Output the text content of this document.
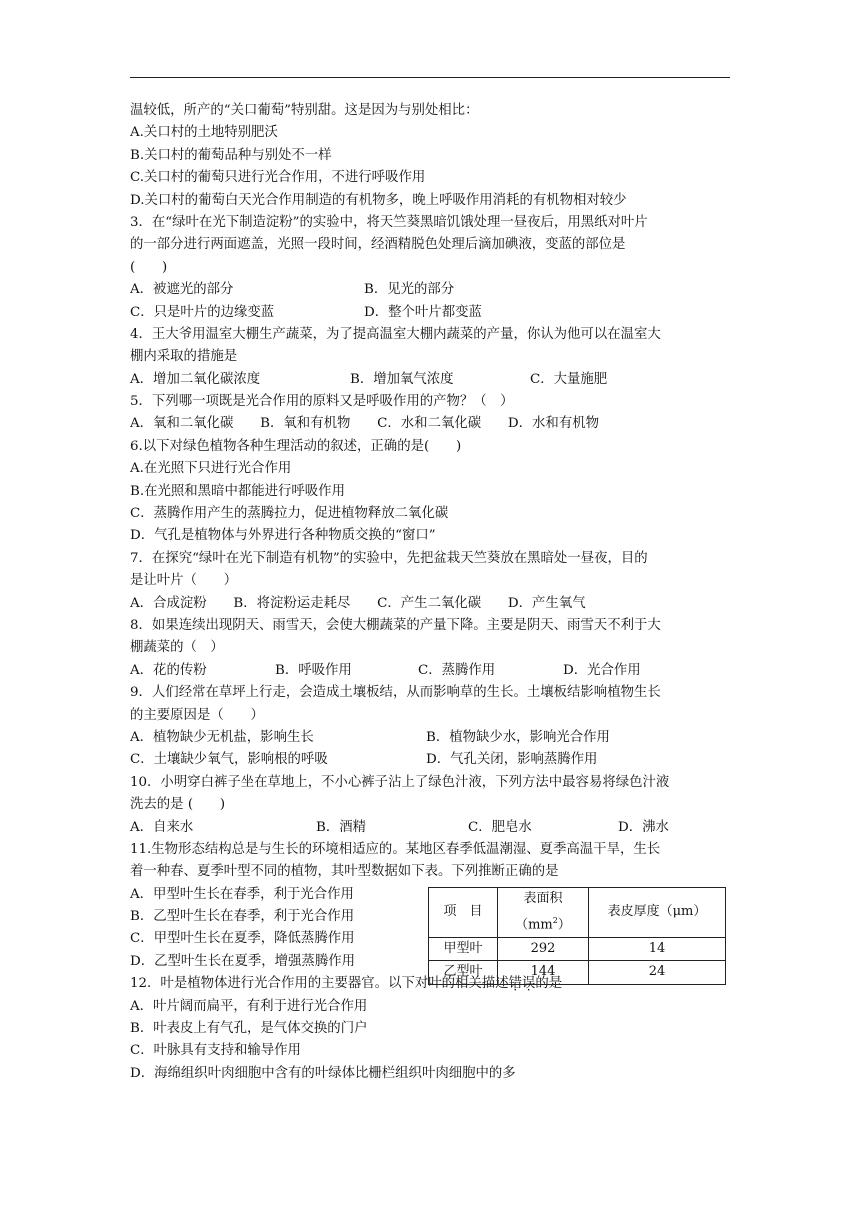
温较低，所产的“关口葡萄”特别甜。这是因为与别处相比：
A.关口村的土地特别肥沃
B.关口村的葡萄品种与别处不一样
C.关口村的葡萄只进行光合作用，不进行呼吸作用
D.关口村的葡萄白天光合作用制造的有机物多，晚上呼吸作用消耗的有机物相对较少
3．在“绿叶在光下制造淀粉”的实验中，将天竺葵黑暗饥饿处理一昼夜后，用黑纸对叶片
的一部分进行两面遮盖，光照一段时间，经酒精脱色处理后滴加碘液，变蓝的部位是
(　　)
A．被遮光的部分	B．见光的部分
C．只是叶片的边缘变蓝	D．整个叶片都变蓝
4．王大爷用温室大棚生产蔬菜，为了提高温室大棚内蔬菜的产量，你认为他可以在温室大
棚内采取的措施是
A．增加二氧化碳浓度	B．增加氧气浓度	C．大量施肥
5．下列哪一项既是光合作用的原料又是呼吸作用的产物？（　）
A．氧和二氧化碳　　B．氧和有机物　　C．水和二氧化碳　　D．水和有机物
6.以下对绿色植物各种生理活动的叙述，正确的是(　　)
A.在光照下只进行光合作用
B.在光照和黑暗中都能进行呼吸作用
C．蒸腾作用产生的蒸腾拉力，促进植物释放二氧化碳
D．气孔是植物体与外界进行各种物质交换的“窗口”
7．在探究“绿叶在光下制造有机物”的实验中，先把盆栽天竺葵放在黑暗处一昼夜，目的
是让叶片（　　）
A．合成淀粉　　B．将淀粉运走耗尽　　C．产生二氧化碳　　D．产生氧气
8．如果连续出现阴天、雨雪天，会使大棚蔬菜的产量下降。主要是阴天、雨雪天不利于大
棚蔬菜的（　）
A．花的传粉	B．呼吸作用	C．蒸腾作用	D．光合作用
9．人们经常在草坪上行走，会造成土壤板结，从而影响草的生长。土壤板结影响植物生长
的主要原因是（　　）
A．植物缺少无机盐，影响生长	B．植物缺少水，影响光合作用
C．土壤缺少氧气，影响根的呼吸	D．气孔关闭，影响蒸腾作用
10．小明穿白裤子坐在草地上，不小心裤子沾上了绿色汁液，下列方法中最容易将绿色汁液
洗去的是 (　　)
A．自来水	B．酒精	C．肥皂水	D．沸水
11.生物形态结构总是与生长的环境相适应的。某地区春季低温潮湿、夏季高温干旱，生长
着一种春、夏季叶型不同的植物，其叶型数据如下表。下列推断正确的是
A．甲型叶生长在春季，利于光合作用
B．乙型叶生长在春季，利于光合作用
C．甲型叶生长在夏季，降低蒸腾作用
D．乙型叶生长在夏季，增强蒸腾作用
项　目	表面积$(mm^2)$	表皮厚度（μm）
甲型叶	292	14
乙型叶	144	24
12．叶是植物体进行光合作用的主要器官。以下对叶的相关描述错误的是
A．叶片阔而扁平，有利于进行光合作用
B．叶表皮上有气孔，是气体交换的门户
C．叶脉具有支持和输导作用
D．海绵组织叶肉细胞中含有的叶绿体比栅栏组织叶肉细胞中的多
